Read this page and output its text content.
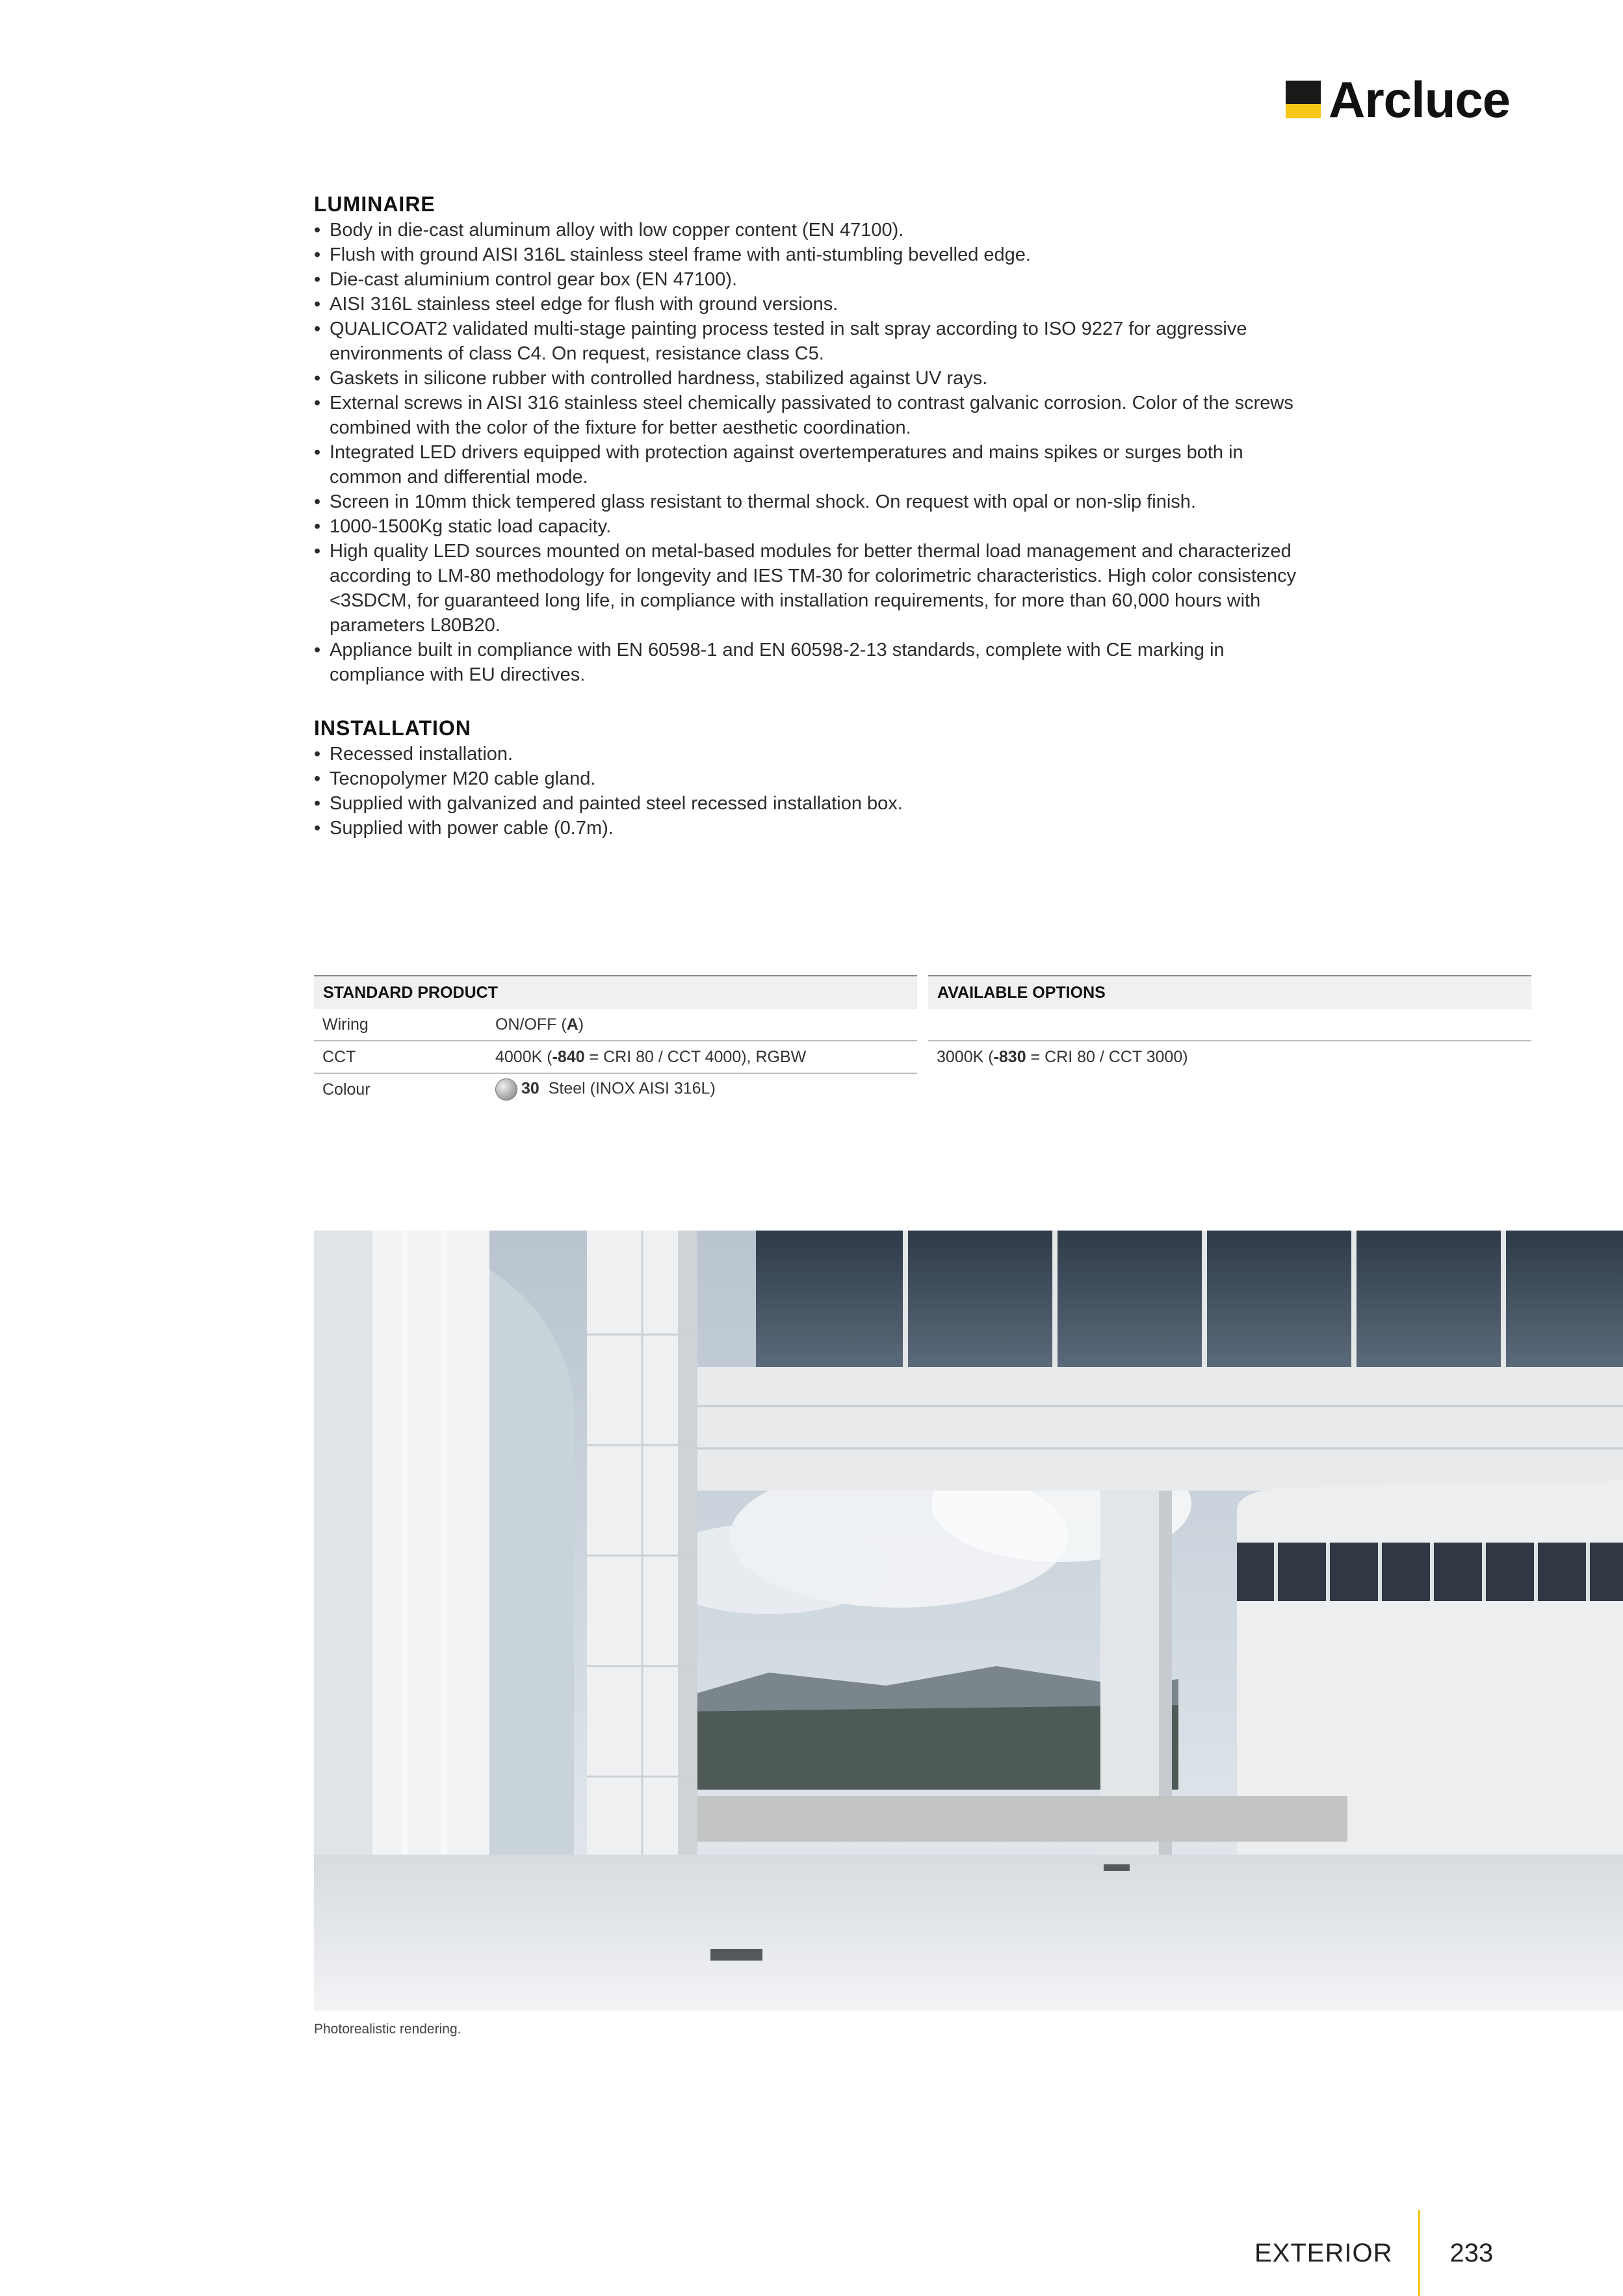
Arcluce
LUMINAIRE
• Body in die-cast aluminum alloy with low copper content (EN 47100).
• Flush with ground AISI 316L stainless steel frame with anti-stumbling bevelled edge.
• Die-cast aluminium control gear box (EN 47100).
• AISI 316L stainless steel edge for flush with ground versions.
• QUALICOAT2 validated multi-stage painting process tested in salt spray according to ISO 9227 for aggressive environments of class C4. On request, resistance class C5.
• Gaskets in silicone rubber with controlled hardness, stabilized against UV rays.
• External screws in AISI 316 stainless steel chemically passivated to contrast galvanic corrosion. Color of the screws combined with the color of the fixture for better aesthetic coordination.
• Integrated LED drivers equipped with protection against overtemperatures and mains spikes or surges both in common and differential mode.
• Screen in 10mm thick tempered glass resistant to thermal shock. On request with opal or non-slip finish.
• 1000-1500Kg static load capacity.
• High quality LED sources mounted on metal-based modules for better thermal load management and characterized according to LM-80 methodology for longevity and IES TM-30 for colorimetric characteristics. High color consistency <3SDCM, for guaranteed long life, in compliance with installation requirements, for more than 60,000 hours with parameters L80B20.
• Appliance built in compliance with EN 60598-1 and EN 60598-2-13 standards, complete with CE marking in compliance with EU directives.
INSTALLATION
• Recessed installation.
• Tecnopolymer M20 cable gland.
• Supplied with galvanized and painted steel recessed installation box.
• Supplied with power cable (0.7m).
STANDARD PRODUCT	
Wiring	ON/OFF (A)
CCT	4000K (-840 = CRI 80 / CCT 4000), RGBW
Colour	30 Steel (INOX AISI 316L)
AVAILABLE OPTIONS

3000K (-830 = CRI 80 / CCT 3000)
Photorealistic rendering.
EXTERIOR 233
